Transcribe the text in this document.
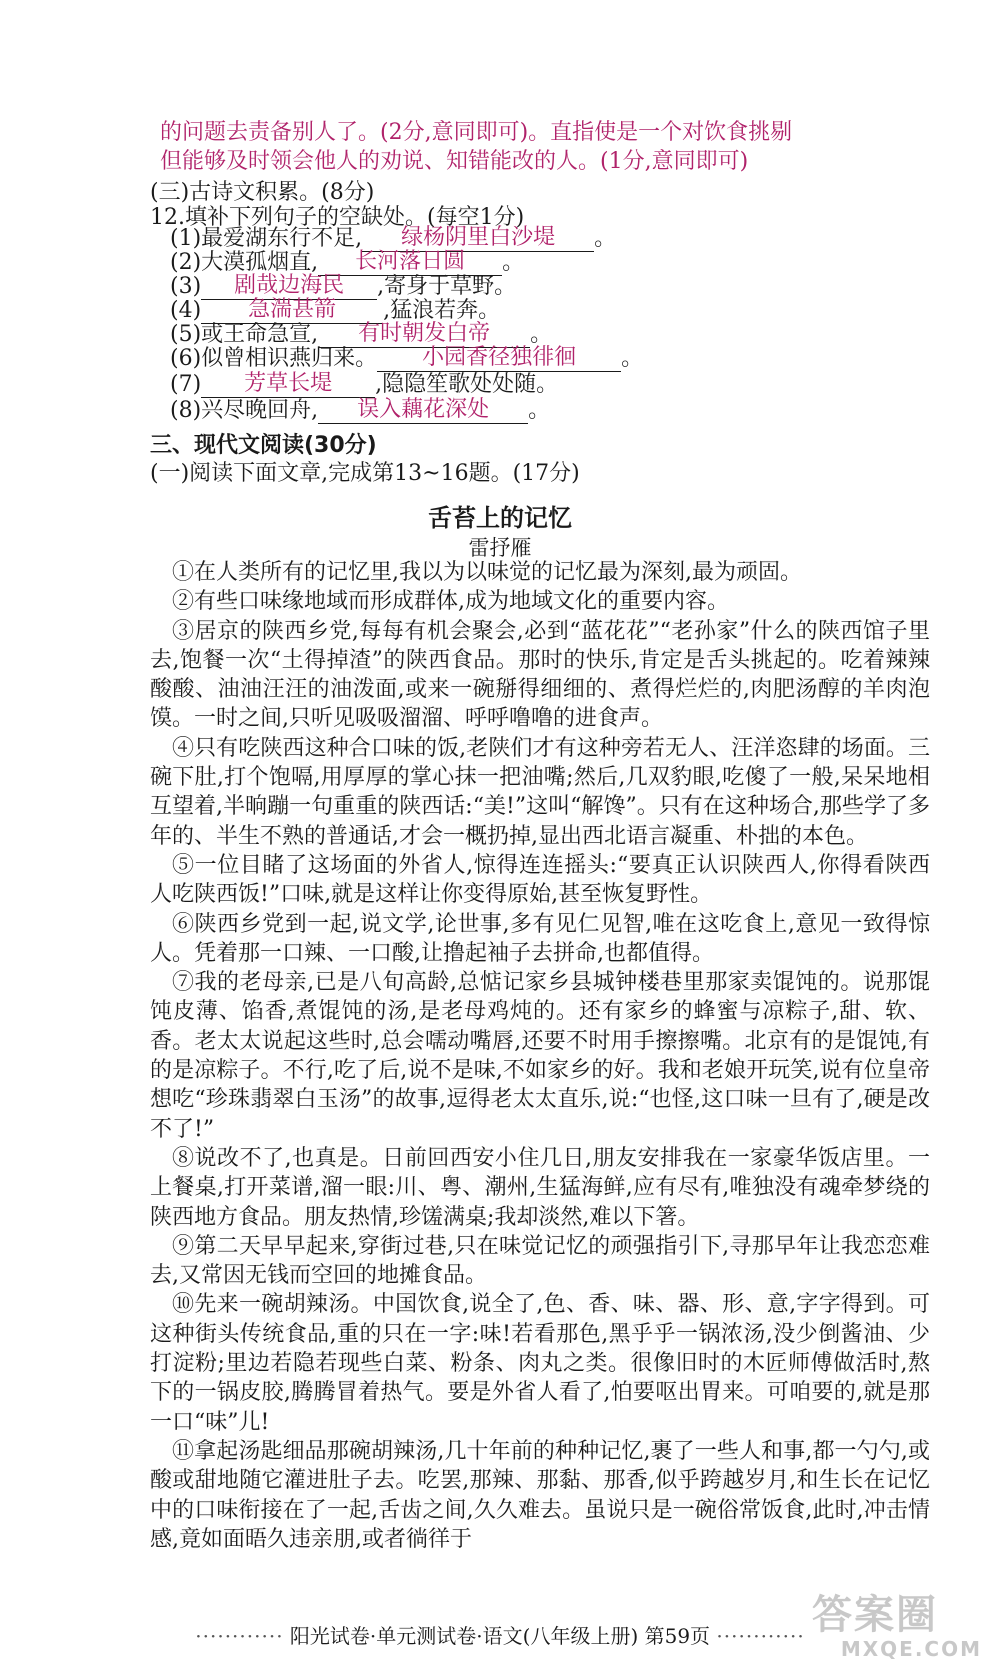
的问题去责备别人了。(2分,意同即可)。直指使是一个对饮食挑剔
但能够及时领会他人的劝说、知错能改的人。(1分,意同即可)
(三)古诗文积累。(8分)
12.填补下列句子的空缺处。(每空1分)
(1)最爱湖东行不足,	绿杨阴里白沙堤	。
(2)大漠孤烟直,	长河落日圆	。
(3)	剧哉边海民	,寄身于草野。
(4)	急湍甚箭	,猛浪若奔。
(5)或王命急宣,	有时朝发白帝	。
(6)似曾相识燕归来。	小园香径独徘徊	。
(7)	芳草长堤	,隐隐笙歌处处随。
(8)兴尽晚回舟,	误入藕花深处	。
三、现代文阅读(30分)
(一)阅读下面文章,完成第13~16题。(17分)
舌苔上的记忆
雷抒雁

①在人类所有的记忆里,我以为以味觉的记忆最为深刻,最为顽固。

②有些口味缘地域而形成群体,成为地域文化的重要内容。

③居京的陕西乡党,每每有机会聚会,必到“蓝花花”“老孙家”什么的陕西馆子里去,饱餐一次“土得掉渣”的陕西食品。那时的快乐,肯定是舌头挑起的。吃着辣辣酸酸、油油汪汪的油泼面,或来一碗掰得细细的、煮得烂烂的,肉肥汤醇的羊肉泡馍。一时之间,只听见吸吸溜溜、呼呼噜噜的进食声。

④只有吃陕西这种合口味的饭,老陕们才有这种旁若无人、汪洋恣肆的场面。三碗下肚,打个饱嗝,用厚厚的掌心抹一把油嘴;然后,几双豹眼,吃傻了一般,呆呆地相互望着,半晌蹦一句重重的陕西话:“美!”这叫“解馋”。只有在这种场合,那些学了多年的、半生不熟的普通话,才会一概扔掉,显出西北语言凝重、朴拙的本色。

⑤一位目睹了这场面的外省人,惊得连连摇头:“要真正认识陕西人,你得看陕西人吃陕西饭!”口味,就是这样让你变得原始,甚至恢复野性。

⑥陕西乡党到一起,说文学,论世事,多有见仁见智,唯在这吃食上,意见一致得惊人。凭着那一口辣、一口酸,让撸起袖子去拼命,也都值得。

⑦我的老母亲,已是八旬高龄,总惦记家乡县城钟楼巷里那家卖馄饨的。说那馄饨皮薄、馅香,煮馄饨的汤,是老母鸡炖的。还有家乡的蜂蜜与凉粽子,甜、软、香。老太太说起这些时,总会嚅动嘴唇,还要不时用手擦擦嘴。北京有的是馄饨,有的是凉粽子。不行,吃了后,说不是味,不如家乡的好。我和老娘开玩笑,说有位皇帝想吃“珍珠翡翠白玉汤”的故事,逗得老太太直乐,说:“也怪,这口味一旦有了,硬是改不了!”

⑧说改不了,也真是。日前回西安小住几日,朋友安排我在一家豪华饭店里。一上餐桌,打开菜谱,溜一眼:川、粤、潮州,生猛海鲜,应有尽有,唯独没有魂牵梦绕的陕西地方食品。朋友热情,珍馐满桌;我却淡然,难以下箸。

⑨第二天早早起来,穿街过巷,只在味觉记忆的顽强指引下,寻那早年让我恋恋难去,又常因无钱而空回的地摊食品。

⑩先来一碗胡辣汤。中国饮食,说全了,色、香、味、器、形、意,字字得到。可这种街头传统食品,重的只在一字:味!若看那色,黑乎乎一锅浓汤,没少倒酱油、少打淀粉;里边若隐若现些白菜、粉条、肉丸之类。很像旧时的木匠师傅做活时,熬下的一锅皮胶,腾腾冒着热气。要是外省人看了,怕要呕出胃来。可咱要的,就是那一口“味”儿!

⑪拿起汤匙细品那碗胡辣汤,几十年前的种种记忆,裹了一些人和事,都一勺勺,或酸或甜地随它灌进肚子去。吃罢,那辣、那黏、那香,似乎跨越岁月,和生长在记忆中的口味衔接在了一起,舌齿之间,久久难去。虽说只是一碗俗常饭食,此时,冲击情感,竟如面晤久违亲朋,或者徜徉于

············ 阳光试卷·单元测试卷·语文(八年级上册) 第59页 ············ 答案圈
MXQE.COM
